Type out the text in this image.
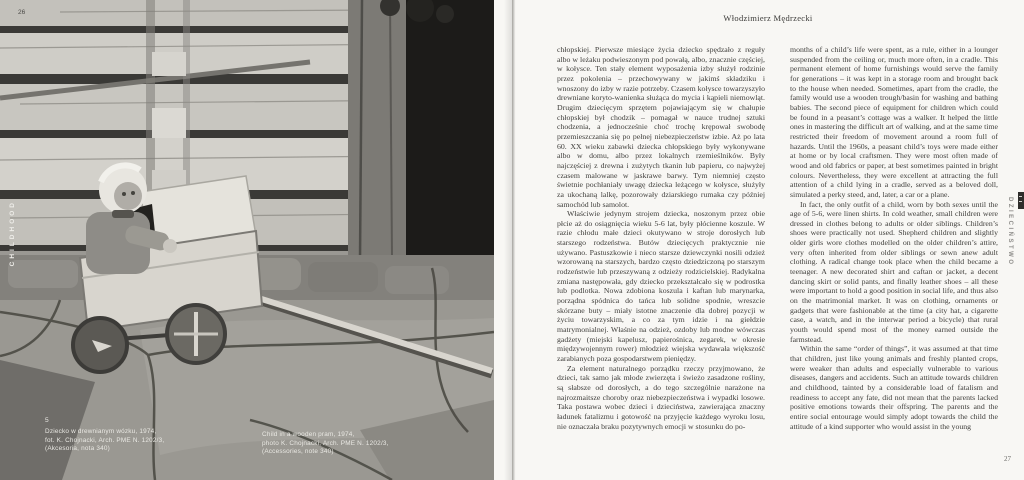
26
CHILDHOOD
5
Dziecko w drewnianym wózku, 1974,
fot. K. Chojnacki, Arch. PME N. 1202/3,
(Akcesoria, nota 340)
Child in a wooden pram, 1974,
photo K. Chojnacki, Arch. PME N. 1202/3,
(Accessories, note 340)
Włodzimierz Mędrzecki

chłopskiej. Pierwsze miesiące życia dziecko spędzało z reguły albo w leżaku podwieszonym pod powałą, albo, znacznie częściej, w kołysce. Ten stały element wyposażenia izby służył rodzinie przez pokolenia – przechowywany w jakimś składziku i wnoszony do izby w razie potrzeby. Czasem kołysce towarzyszyło drewniane koryto-wanienka służąca do mycia i kąpieli niemowląt. Drugim dziecięcym sprzętem pojawiającym się w chałupie chłopskiej był chodzik – pomagał w nauce trudnej sztuki chodzenia, a jednocześnie choć trochę krępował swobodę przemieszczania się po pełnej niebezpieczeństw izbie. Aż po lata 60. XX wieku zabawki dziecka chłopskiego były wykonywane albo w domu, albo przez lokalnych rzemieślników. Były najczęściej z drewna i zużytych tkanin lub papieru, co najwyżej czasem malowane w jaskrawe barwy. Tym niemniej często świetnie pochłaniały uwagę dziecka leżącego w kołysce, służyły za ukochaną lalkę, pozorowały dziarskiego rumaka czy później samochód lub samolot.

Właściwie jedynym strojem dziecka, noszonym przez obie płcie aż do osiągnięcia wieku 5-6 lat, były płócienne koszule. W razie chłodu małe dzieci okutywano w stroje dorosłych lub starszego rodzeństwa. Butów dziecięcych praktycznie nie używano. Pastuszkowie i nieco starsze dziewczynki nosili odzież wzorowaną na starszych, bardzo często dziedziczoną po starszym rodzeństwie lub przeszywaną z odzieży rodzicielskiej. Radykalna zmiana następowała, gdy dziecko przekształcało się w podrostka lub podlotka. Nowa zdobiona koszula i kaftan lub marynarka, porządna spódnica do tańca lub solidne spodnie, wreszcie skórzane buty – miały istotne znaczenie dla dobrej pozycji w życiu towarzyskim, a co za tym idzie i na giełdzie matrymonialnej. Właśnie na odzież, ozdoby lub modne wówczas gadżety (miejski kapelusz, papierośnica, zegarek, w okresie międzywojennym rower) młodzież wiejska wydawała większość zarabianych poza gospodarstwem pieniędzy.

Za element naturalnego porządku rzeczy przyjmowano, że dzieci, tak samo jak młode zwierzęta i świeżo zasadzone rośliny, są słabsze od dorosłych, a do tego szczególnie narażone na najrozmaitsze choroby oraz niebezpieczeństwa i wypadki losowe. Taka postawa wobec dzieci i dzieciństwa, zawierająca znaczny ładunek fatalizmu i gotowość na przyjęcie każdego wyroku losu, nie oznaczała braku pozytywnych emocji w stosunku do po-

months of a child’s life were spent, as a rule, either in a lounger suspended from the ceiling or, much more often, in a cradle. This permanent element of home furnishings would serve the family for generations – it was kept in a storage room and brought back to the house when needed. Sometimes, apart from the cradle, the family would use a wooden trough/basin for washing and bathing babies. The second piece of equipment for children which could be found in a peasant’s cottage was a walker. It helped the little ones in mastering the difficult art of walking, and at the same time restricted their freedom of movement around a room full of hazards. Until the 1960s, a peasant child’s toys were made either at home or by local craftsmen. They were most often made of wood and old fabrics or paper, at best sometimes painted in bright colours. Nevertheless, they were excellent at attracting the full attention of a child lying in a cradle, served as a beloved doll, simulated a perky steed, and, later, a car or a plane.

In fact, the only outfit of a child, worn by both sexes until the age of 5-6, were linen shirts. In cold weather, small children were dressed in clothes belong to adults or older siblings. Children’s shoes were practically not used. Shepherd children and slightly older girls wore clothes modelled on the older children’s attire, very often inherited from older siblings or sewn anew adult clothing. A radical change took place when the child became a teenager. A new decorated shirt and caftan or jacket, a decent dancing skirt or solid pants, and finally leather shoes – all these were important to hold a good position in social life, and thus also on the matrimonial market. It was on clothing, ornaments or gadgets that were fashionable at the time (a city hat, a cigarette case, a watch, and in the interwar period a bicycle) that rural youth would spend most of the money earned outside the farmstead.

Within the same “order of things”, it was assumed at that time that children, just like young animals and freshly planted crops, were weaker than adults and especially vulnerable to various diseases, dangers and accidents. Such an attitude towards children and childhood, tainted by a considerable load of fatalism and readiness to accept any fate, did not mean that the parents lacked positive emotions towards their offspring. The parents and the entire social entourage would simply adopt towards the child the attitude of a kind supporter who would assist in the young

DZIECIŃSTWO
27
